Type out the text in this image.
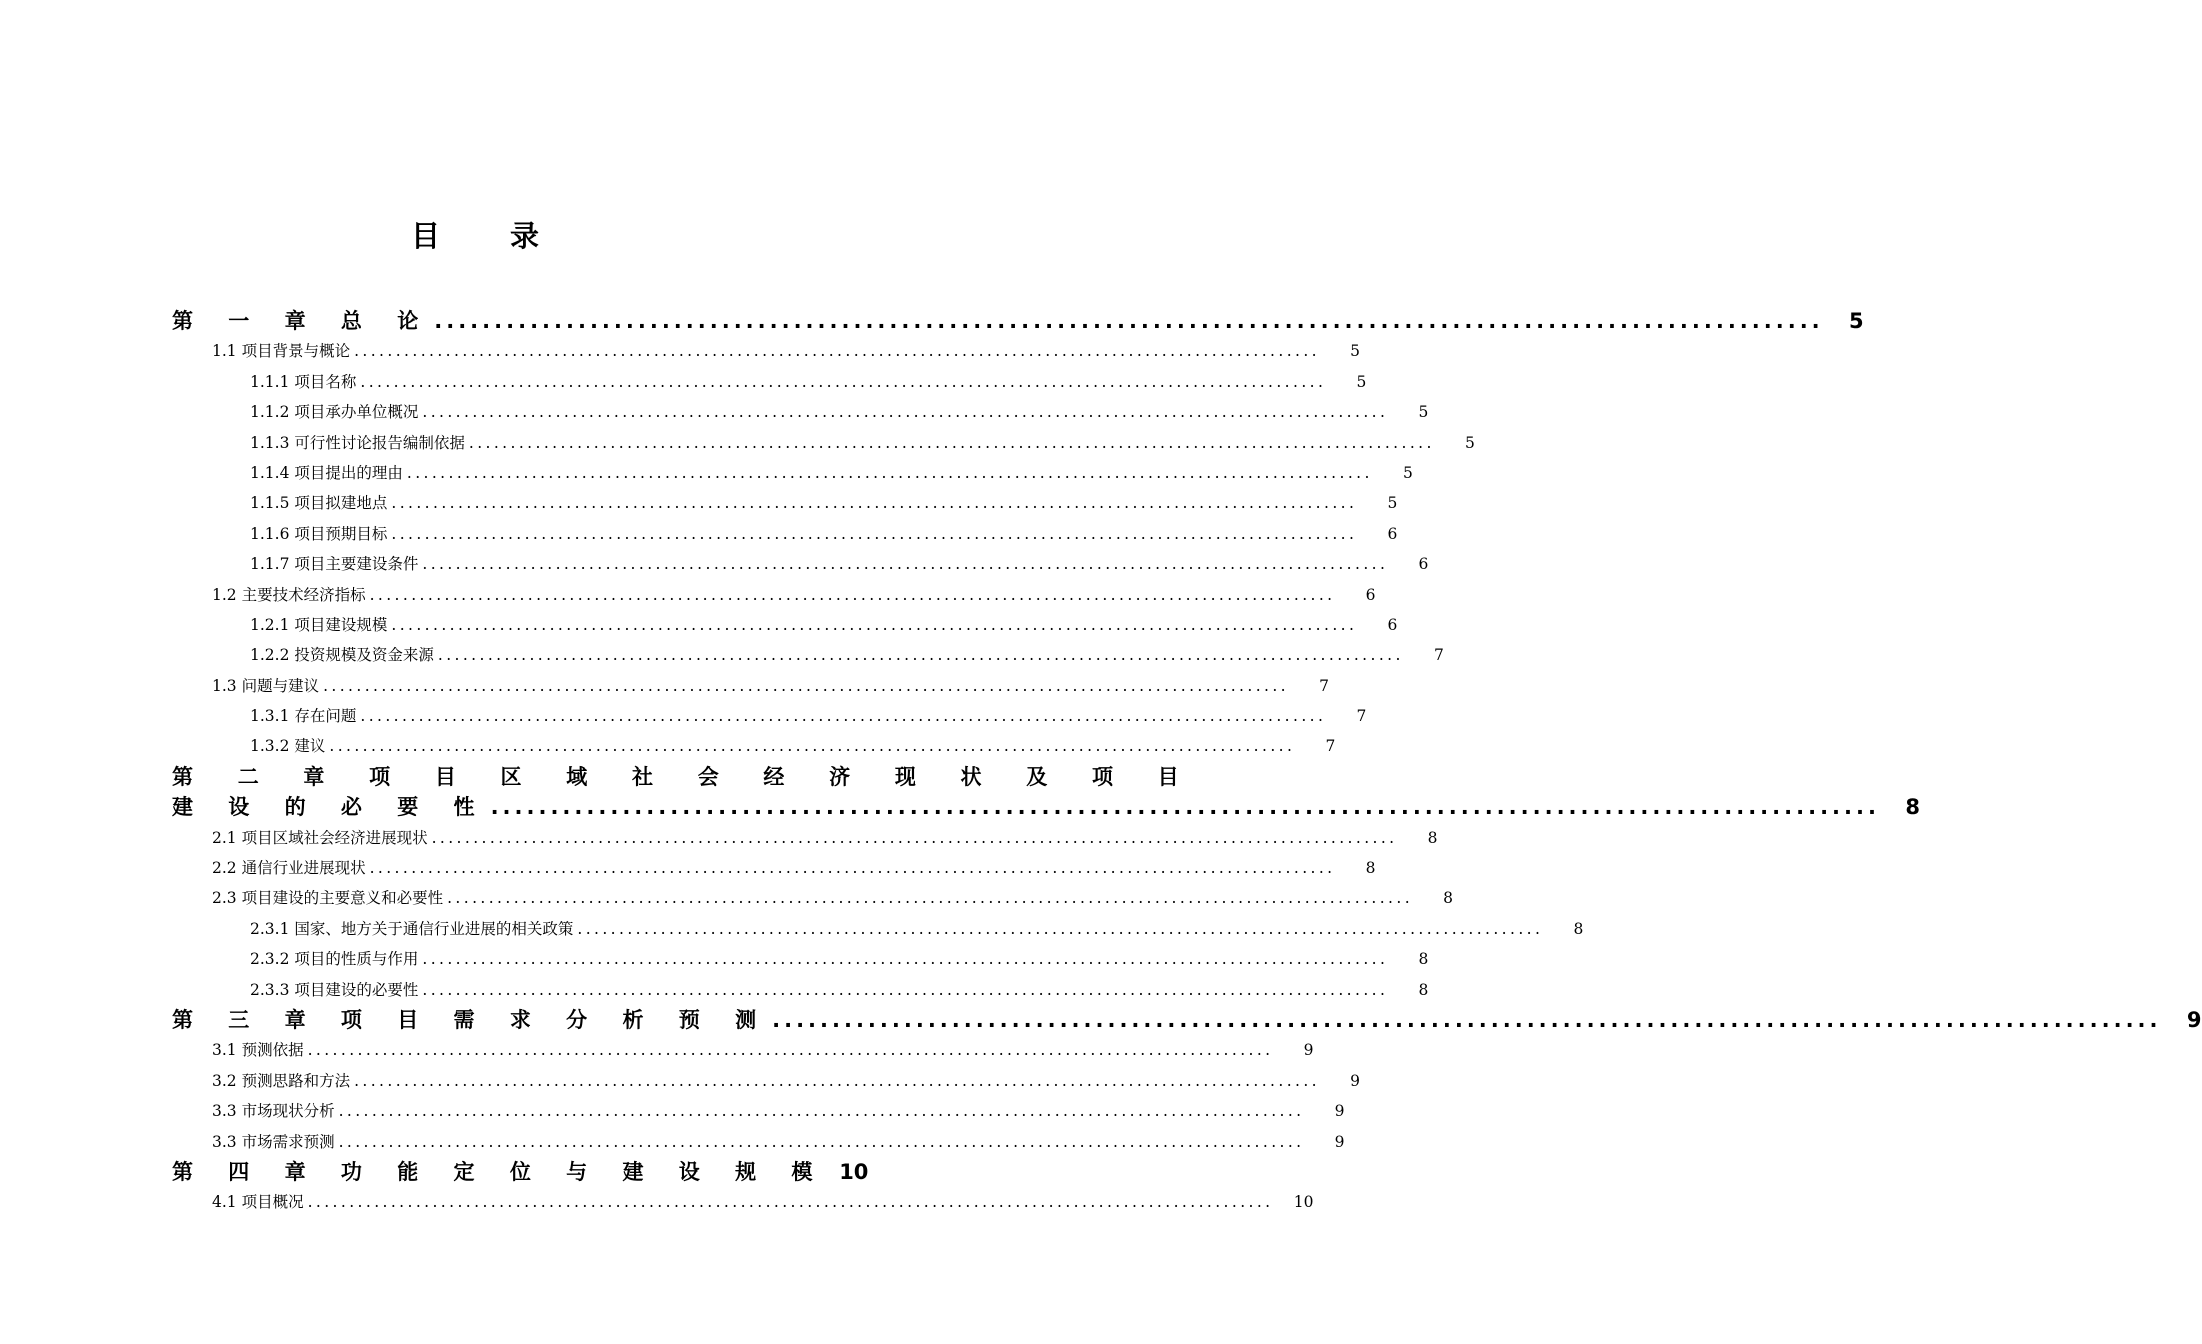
目 录
第 一 章 总 论 ....................................................................................................................	5
1.1 项目背景与概论 ....................................................................................................................	5
1.1.1 项目名称 ....................................................................................................................	5
1.1.2 项目承办单位概况 ....................................................................................................................	5
1.1.3 可行性讨论报告编制依据 ....................................................................................................................	5
1.1.4 项目提出的理由 ....................................................................................................................	5
1.1.5 项目拟建地点 ....................................................................................................................	5
1.1.6 项目预期目标 ....................................................................................................................	6
1.1.7 项目主要建设条件 ....................................................................................................................	6
1.2 主要技术经济指标 ....................................................................................................................	6
1.2.1 项目建设规模 ....................................................................................................................	6
1.2.2 投资规模及资金来源 ....................................................................................................................	7
1.3 问题与建议 ....................................................................................................................	7
1.3.1 存在问题 ....................................................................................................................	7
1.3.2 建议 ....................................................................................................................	7
第 二 章 项 目 区 域 社 会 经 济 现 状 及 项 目
建 设 的 必 要 性 ....................................................................................................................	8
2.1 项目区域社会经济进展现状 ....................................................................................................................	8
2.2 通信行业进展现状 ....................................................................................................................	8
2.3 项目建设的主要意义和必要性 ....................................................................................................................	8
2.3.1 国家、地方关于通信行业进展的相关政策 ....................................................................................................................	8
2.3.2 项目的性质与作用 ....................................................................................................................	8
2.3.3 项目建设的必要性 ....................................................................................................................	8
第 三 章 项 目 需 求 分 析 预 测 ....................................................................................................................	9
3.1 预测依据 ....................................................................................................................	9
3.2 预测思路和方法 ....................................................................................................................	9
3.3 市场现状分析 ....................................................................................................................	9
3.3 市场需求预测 ....................................................................................................................	9
第 四 章 功 能 定 位 与 建 设 规 模 10
4.1 项目概况 ....................................................................................................................	10
